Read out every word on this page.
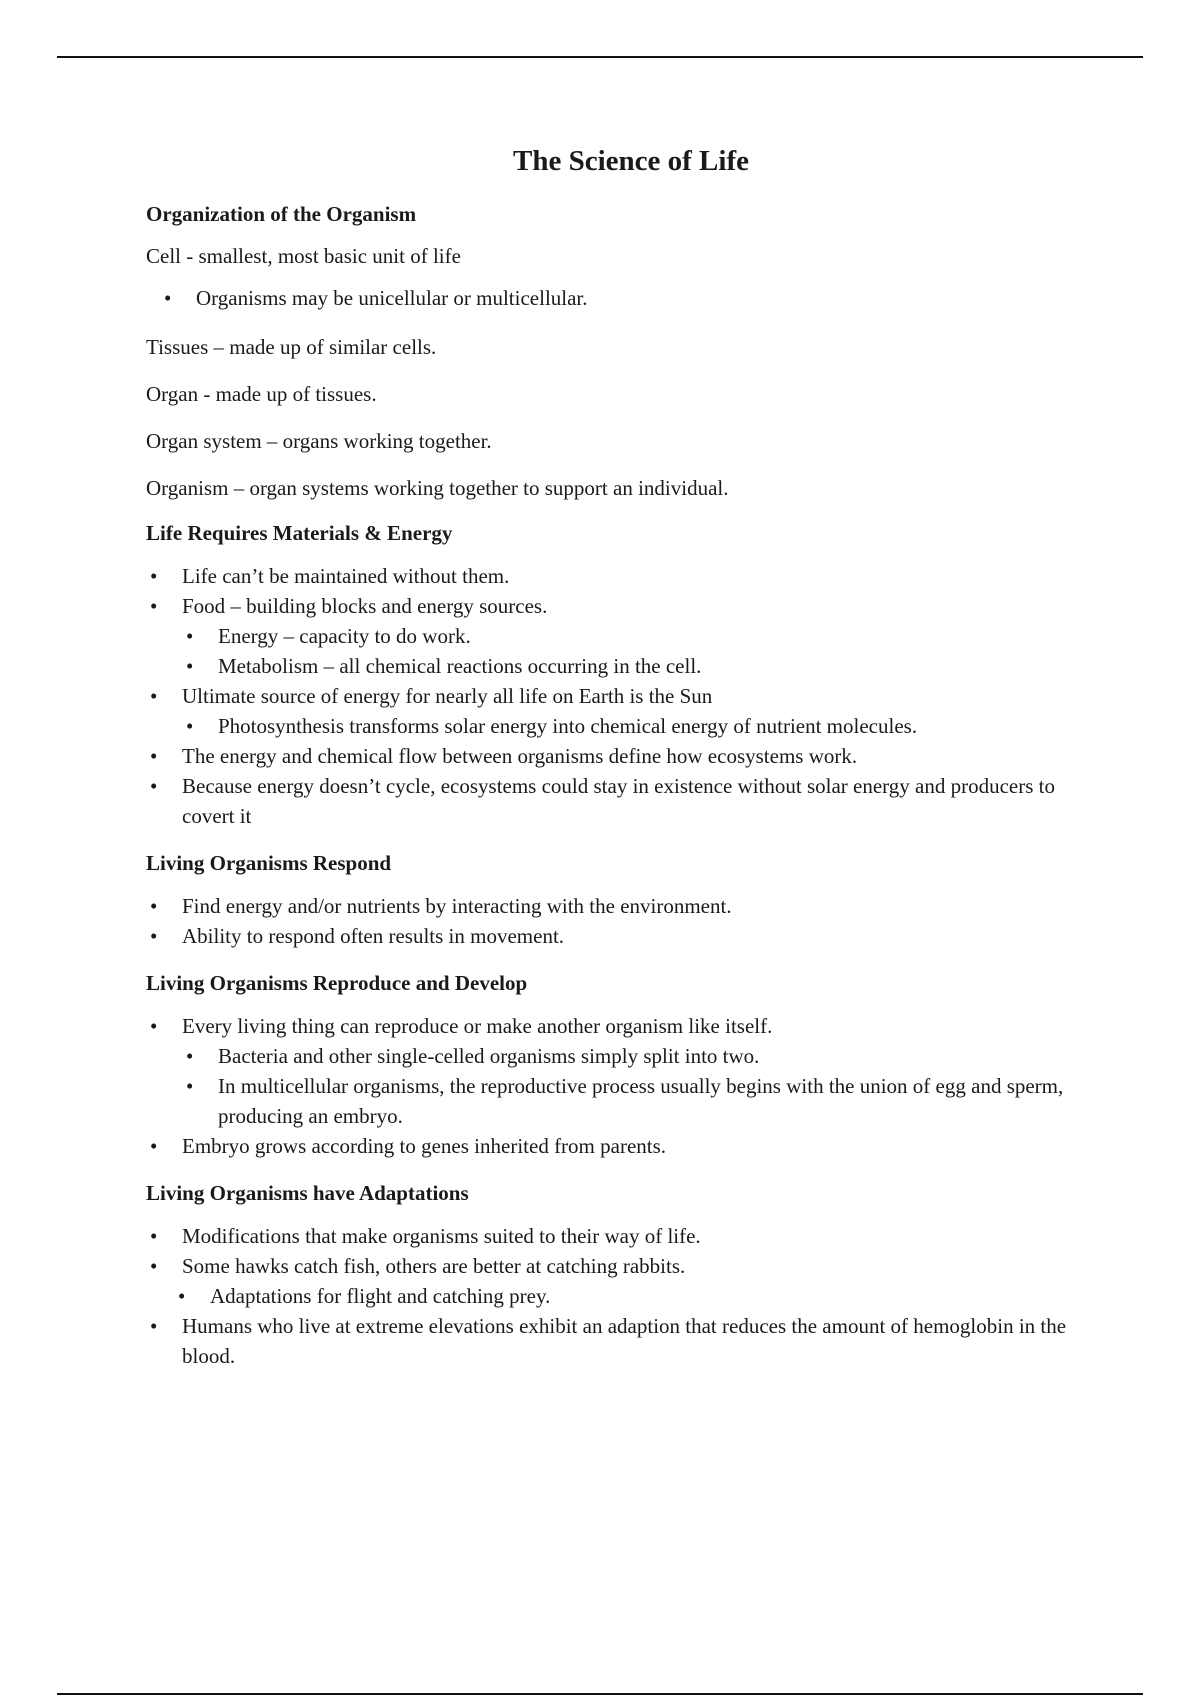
The Science of Life
Organization of the Organism

Cell - smallest, most basic unit of life

• Organisms may be unicellular or multicellular.

Tissues – made up of similar cells.

Organ - made up of tissues.

Organ system – organs working together.

Organism – organ systems working together to support an individual.

Life Requires Materials & Energy
• Life can’t be maintained without them.
• Food – building blocks and energy sources.
• Energy – capacity to do work.
• Metabolism – all chemical reactions occurring in the cell.
• Ultimate source of energy for nearly all life on Earth is the Sun
• Photosynthesis transforms solar energy into chemical energy of nutrient molecules.
• The energy and chemical flow between organisms define how ecosystems work.
• Because energy doesn’t cycle, ecosystems could stay in existence without solar energy and producers to covert it
Living Organisms Respond
• Find energy and/or nutrients by interacting with the environment.
• Ability to respond often results in movement.
Living Organisms Reproduce and Develop
• Every living thing can reproduce or make another organism like itself.
• Bacteria and other single-celled organisms simply split into two.
• In multicellular organisms, the reproductive process usually begins with the union of egg and sperm, producing an embryo.
• Embryo grows according to genes inherited from parents.
Living Organisms have Adaptations
• Modifications that make organisms suited to their way of life.
• Some hawks catch fish, others are better at catching rabbits.
• Adaptations for flight and catching prey.
• Humans who live at extreme elevations exhibit an adaption that reduces the amount of hemoglobin in the blood.
